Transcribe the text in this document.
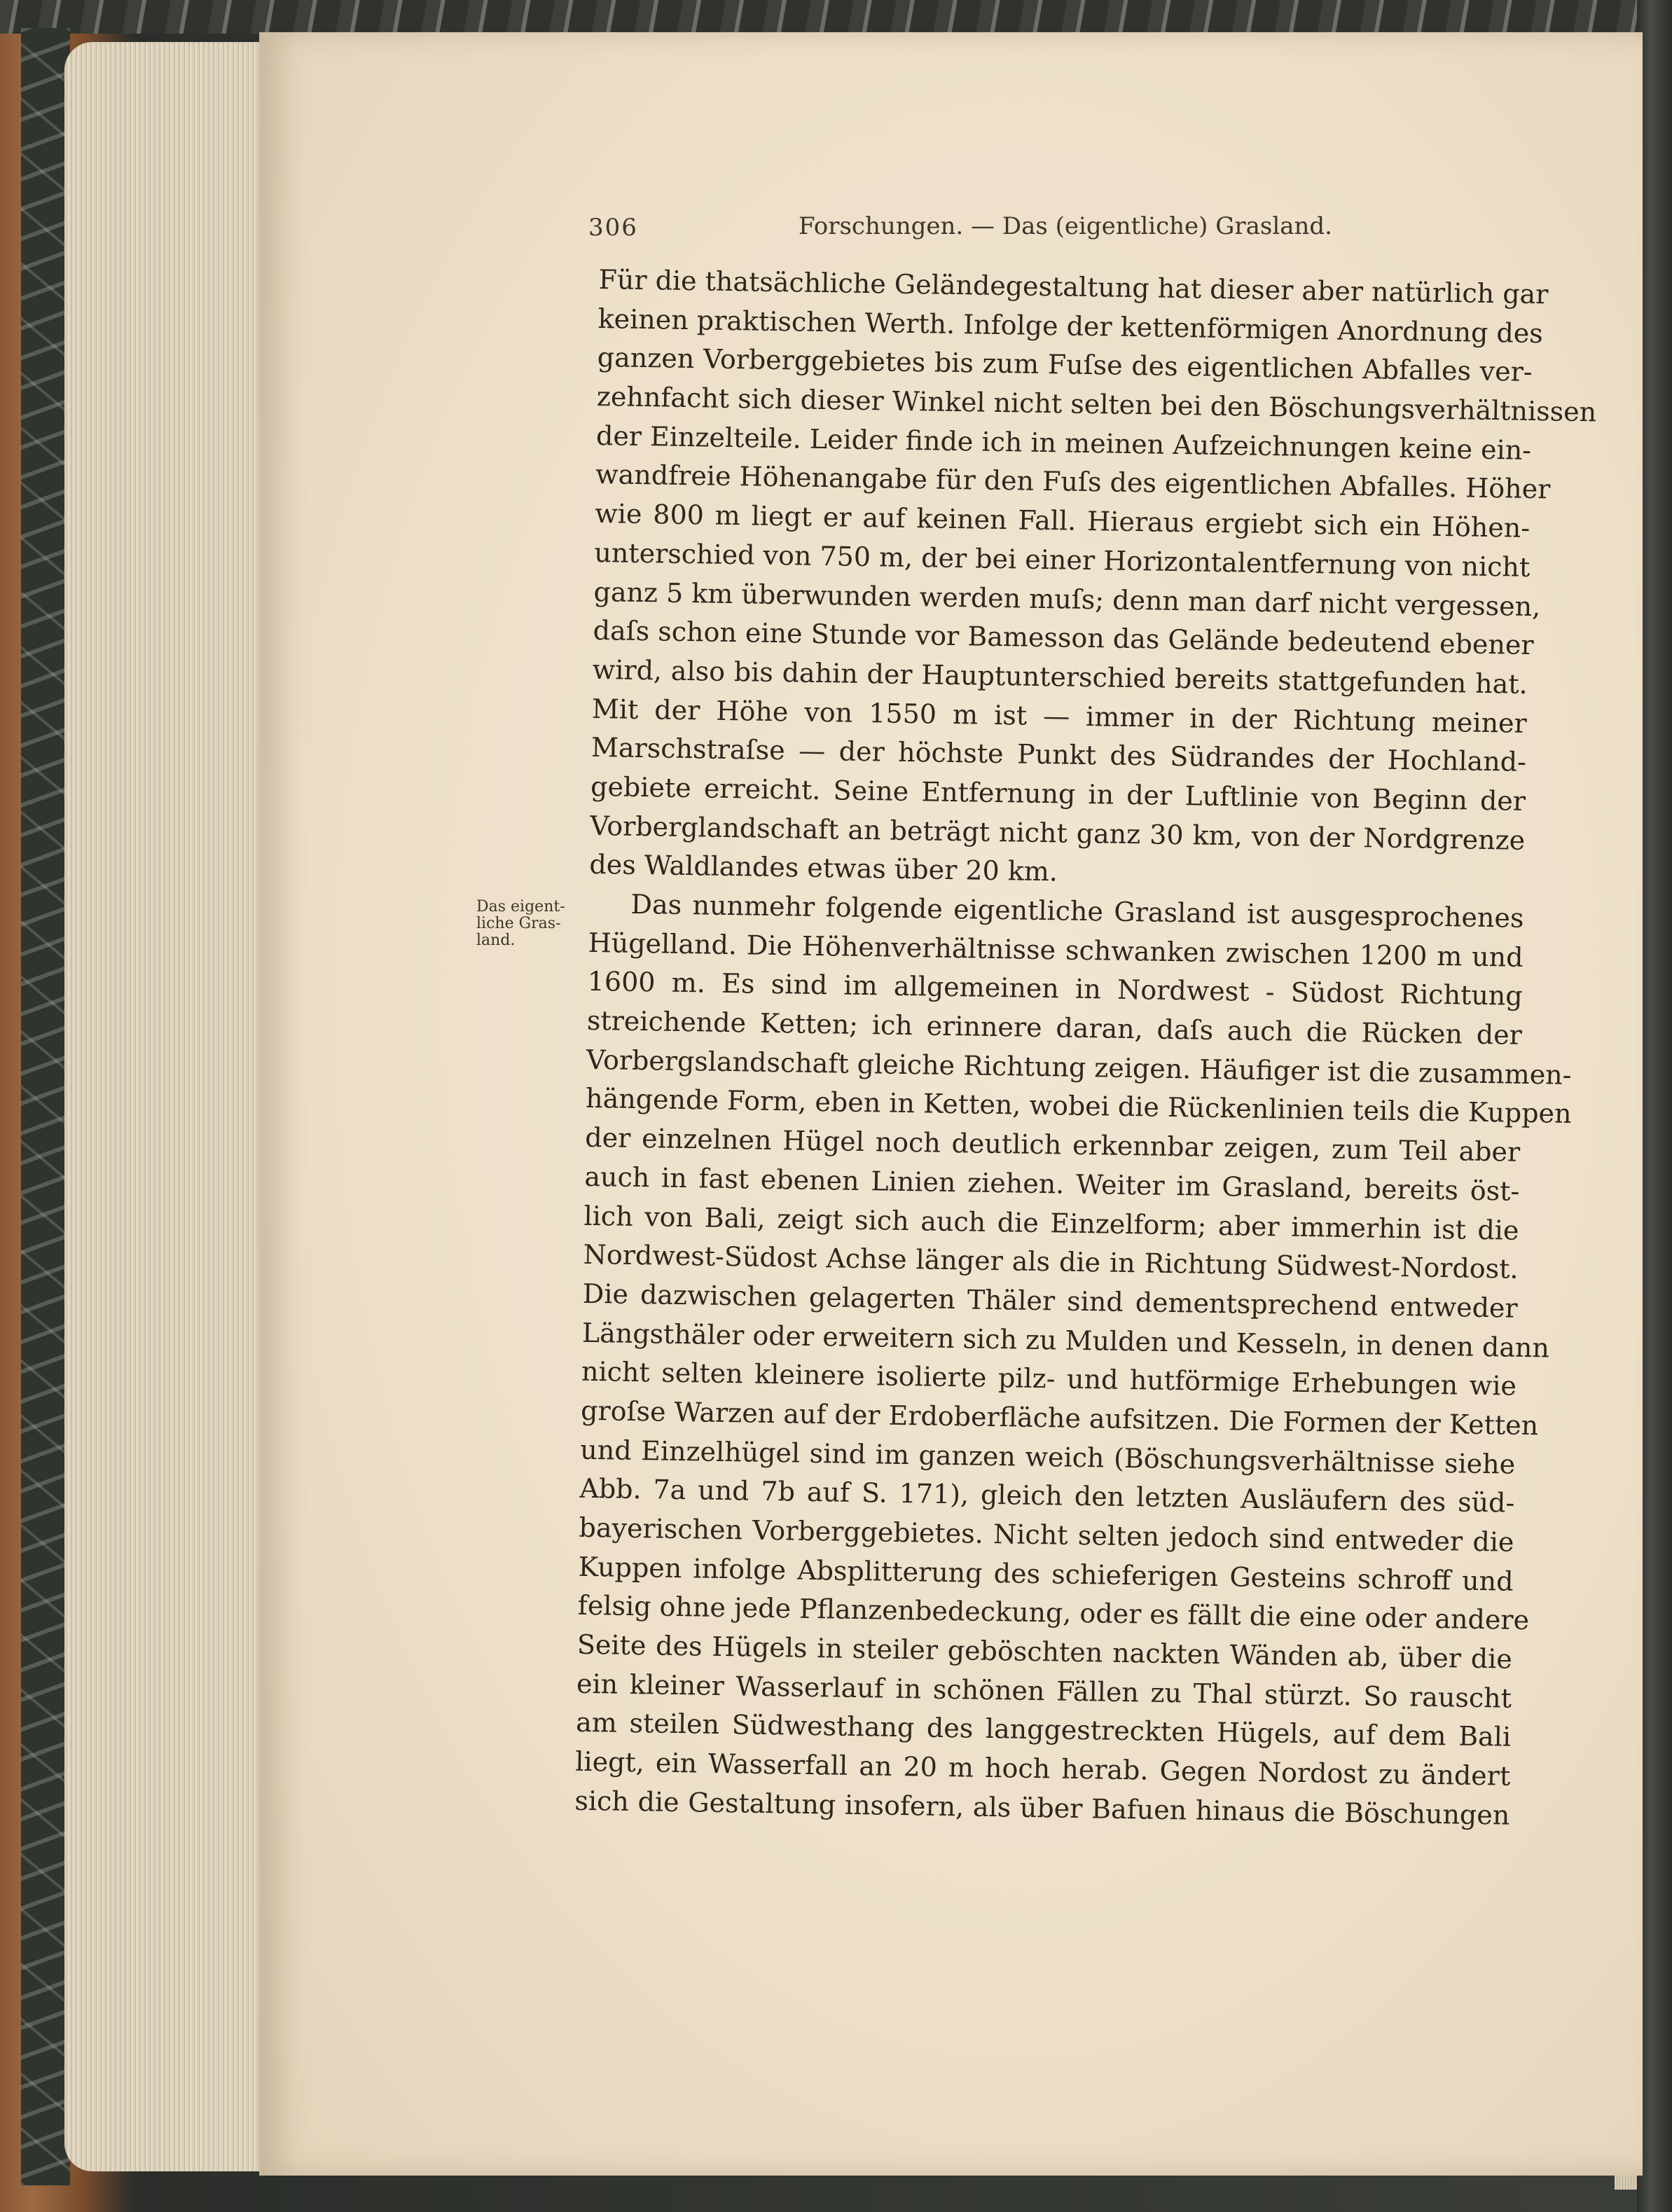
306	Forschungen. — Das (eigentliche) Grasland.
Das eigent-
liche Gras-
land.
Für die thatsächliche Geländegestaltung hat dieser aber natürlich gar
keinen praktischen Werth. Infolge der kettenförmigen Anordnung des
ganzen Vorberggebietes bis zum Fuſse des eigentlichen Abfalles ver-
zehnfacht sich dieser Winkel nicht selten bei den Böschungsverhältnissen
der Einzelteile. Leider finde ich in meinen Aufzeichnungen keine ein-
wandfreie Höhenangabe für den Fuſs des eigentlichen Abfalles. Höher
wie 800 m liegt er auf keinen Fall. Hieraus ergiebt sich ein Höhen-
unterschied von 750 m, der bei einer Horizontalentfernung von nicht
ganz 5 km überwunden werden muſs; denn man darf nicht vergessen,
daſs schon eine Stunde vor Bamesson das Gelände bedeutend ebener
wird, also bis dahin der Hauptunterschied bereits stattgefunden hat.
Mit der Höhe von 1550 m ist — immer in der Richtung meiner
Marschstraſse — der höchste Punkt des Südrandes der Hochland-
gebiete erreicht. Seine Entfernung in der Luftlinie von Beginn der
Vorberglandschaft an beträgt nicht ganz 30 km, von der Nordgrenze
des Waldlandes etwas über 20 km.
Das nunmehr folgende eigentliche Grasland ist ausgesprochenes
Hügelland. Die Höhenverhältnisse schwanken zwischen 1200 m und
1600 m. Es sind im allgemeinen in Nordwest - Südost Richtung
streichende Ketten; ich erinnere daran, daſs auch die Rücken der
Vorbergslandschaft gleiche Richtung zeigen. Häufiger ist die zusammen-
hängende Form, eben in Ketten, wobei die Rückenlinien teils die Kuppen
der einzelnen Hügel noch deutlich erkennbar zeigen, zum Teil aber
auch in fast ebenen Linien ziehen. Weiter im Grasland, bereits öst-
lich von Bali, zeigt sich auch die Einzelform; aber immerhin ist die
Nordwest-Südost Achse länger als die in Richtung Südwest-Nordost.
Die dazwischen gelagerten Thäler sind dementsprechend entweder
Längsthäler oder erweitern sich zu Mulden und Kesseln, in denen dann
nicht selten kleinere isolierte pilz- und hutförmige Erhebungen wie
groſse Warzen auf der Erdoberfläche aufsitzen. Die Formen der Ketten
und Einzelhügel sind im ganzen weich (Böschungsverhältnisse siehe
Abb. 7a und 7b auf S. 171), gleich den letzten Ausläufern des süd-
bayerischen Vorberggebietes. Nicht selten jedoch sind entweder die
Kuppen infolge Absplitterung des schieferigen Gesteins schroff und
felsig ohne jede Pflanzenbedeckung, oder es fällt die eine oder andere
Seite des Hügels in steiler geböschten nackten Wänden ab, über die
ein kleiner Wasserlauf in schönen Fällen zu Thal stürzt. So rauscht
am steilen Südwesthang des langgestreckten Hügels, auf dem Bali
liegt, ein Wasserfall an 20 m hoch herab. Gegen Nordost zu ändert
sich die Gestaltung insofern, als über Bafuen hinaus die Böschungen
